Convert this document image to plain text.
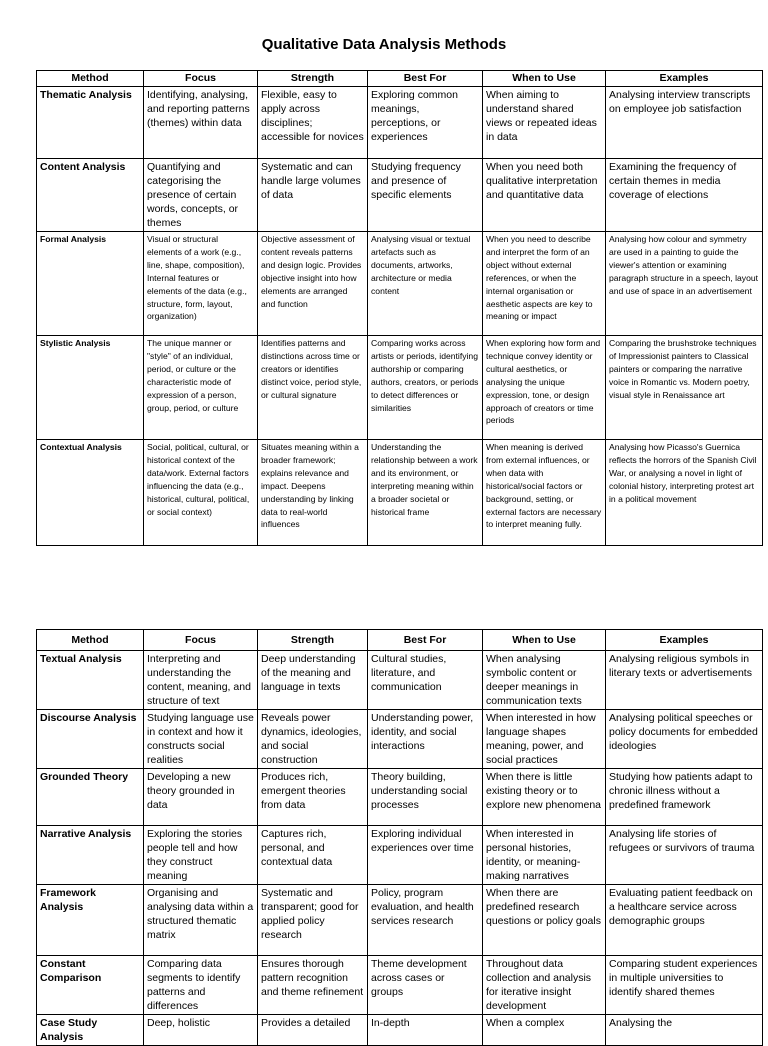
Qualitative Data Analysis Methods
Method	Focus	Strength	Best For	When to Use	Examples
Thematic Analysis	Identifying, analysing, and reporting patterns (themes) within data	Flexible, easy to apply across disciplines; accessible for novices	Exploring common meanings, perceptions, or experiences	When aiming to understand shared views or repeated ideas in data	Analysing interview transcripts on employee job satisfaction
Content Analysis	Quantifying and categorising the presence of certain words, concepts, or themes	Systematic and can handle large volumes of data	Studying frequency and presence of specific elements	When you need both qualitative interpretation and quantitative data	Examining the frequency of certain themes in media coverage of elections
Formal Analysis	Visual or structural elements of a work (e.g., line, shape, composition), Internal features or elements of the data (e.g., structure, form, layout, organization)	Objective assessment of content reveals patterns and design logic. Provides objective insight into how elements are arranged and function	Analysing visual or textual artefacts such as documents, artworks, architecture or media content	When you need to describe and interpret the form of an object without external references, or when the internal organisation or aesthetic aspects are key to meaning or impact	Analysing how colour and symmetry are used in a painting to guide the viewer's attention or examining paragraph structure in a speech, layout and use of space in an advertisement
Stylistic Analysis	The unique manner or "style" of an individual, period, or culture or the characteristic mode of expression of a person, group, period, or culture	Identifies patterns and distinctions across time or creators or identifies distinct voice, period style, or cultural signature	Comparing works across artists or periods, identifying authorship or comparing authors, creators, or periods to detect differences or similarities	When exploring how form and technique convey identity or cultural aesthetics, or analysing the unique expression, tone, or design approach of creators or time periods	Comparing the brushstroke techniques of Impressionist painters to Classical painters or comparing the narrative voice in Romantic vs. Modern poetry, visual style in Renaissance art
Contextual Analysis	Social, political, cultural, or historical context of the data/work. External factors influencing the data (e.g., historical, cultural, political, or social context)	Situates meaning within a broader framework; explains relevance and impact. Deepens understanding by linking data to real-world influences	Understanding the relationship between a work and its environment, or interpreting meaning within a broader societal or historical frame	When meaning is derived from external influences, or when data with historical/social factors or background, setting, or external factors are necessary to interpret meaning fully.	Analysing how Picasso's Guernica reflects the horrors of the Spanish Civil War, or analysing a novel in light of colonial history, interpreting protest art in a political movement
Method	Focus	Strength	Best For	When to Use	Examples
Textual Analysis	Interpreting and understanding the content, meaning, and structure of text	Deep understanding of the meaning and language in texts	Cultural studies, literature, and communication	When analysing symbolic content or deeper meanings in communication texts	Analysing religious symbols in literary texts or advertisements
Discourse Analysis	Studying language use in context and how it constructs social realities	Reveals power dynamics, ideologies, and social construction	Understanding power, identity, and social interactions	When interested in how language shapes meaning, power, and social practices	Analysing political speeches or policy documents for embedded ideologies
Grounded Theory	Developing a new theory grounded in data	Produces rich, emergent theories from data	Theory building, understanding social processes	When there is little existing theory or to explore new phenomena	Studying how patients adapt to chronic illness without a predefined framework
Narrative Analysis	Exploring the stories people tell and how they construct meaning	Captures rich, personal, and contextual data	Exploring individual experiences over time	When interested in personal histories, identity, or meaning-making narratives	Analysing life stories of refugees or survivors of trauma
Framework Analysis	Organising and analysing data within a structured thematic matrix	Systematic and transparent; good for applied policy research	Policy, program evaluation, and health services research	When there are predefined research questions or policy goals	Evaluating patient feedback on a healthcare service across demographic groups
Constant Comparison	Comparing data segments to identify patterns and differences	Ensures thorough pattern recognition and theme refinement	Theme development across cases or groups	Throughout data collection and analysis for iterative insight development	Comparing student experiences in multiple universities to identify shared themes
Case Study Analysis	Deep, holistic	Provides a detailed	In-depth	When a complex	Analysing the
